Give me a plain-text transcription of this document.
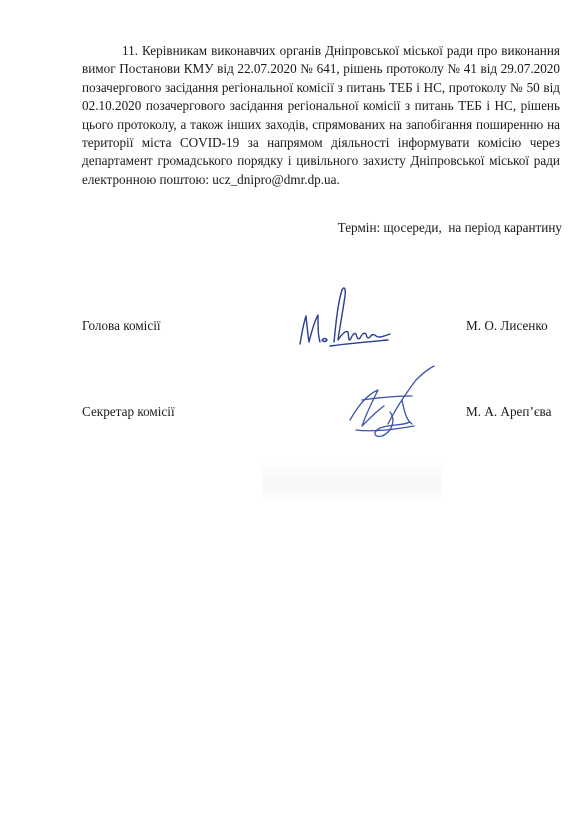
11. Керівникам виконавчих органів Дніпровської міської ради про виконання вимог Постанови КМУ від 22.07.2020 № 641, рішень протоколу № 41 від 29.07.2020 позачергового засідання регіональної комісії з питань ТЕБ і НС, протоколу № 50 від 02.10.2020 позачергового засідання регіональної комісії з питань ТЕБ і НС, рішень цього протоколу, а також інших заходів, спрямованих на запобігання поширенню на території міста COVID-19 за напрямом діяльності інформувати комісію через департамент громадського порядку і цивільного захисту Дніпровської міської ради електронною поштою: ucz_dnipro@dmr.dp.ua.

Термін: щосереди,  на період карантину
Голова комісії	М. О. Лисенко
Секретар комісії	М. А. Ареп’єва
